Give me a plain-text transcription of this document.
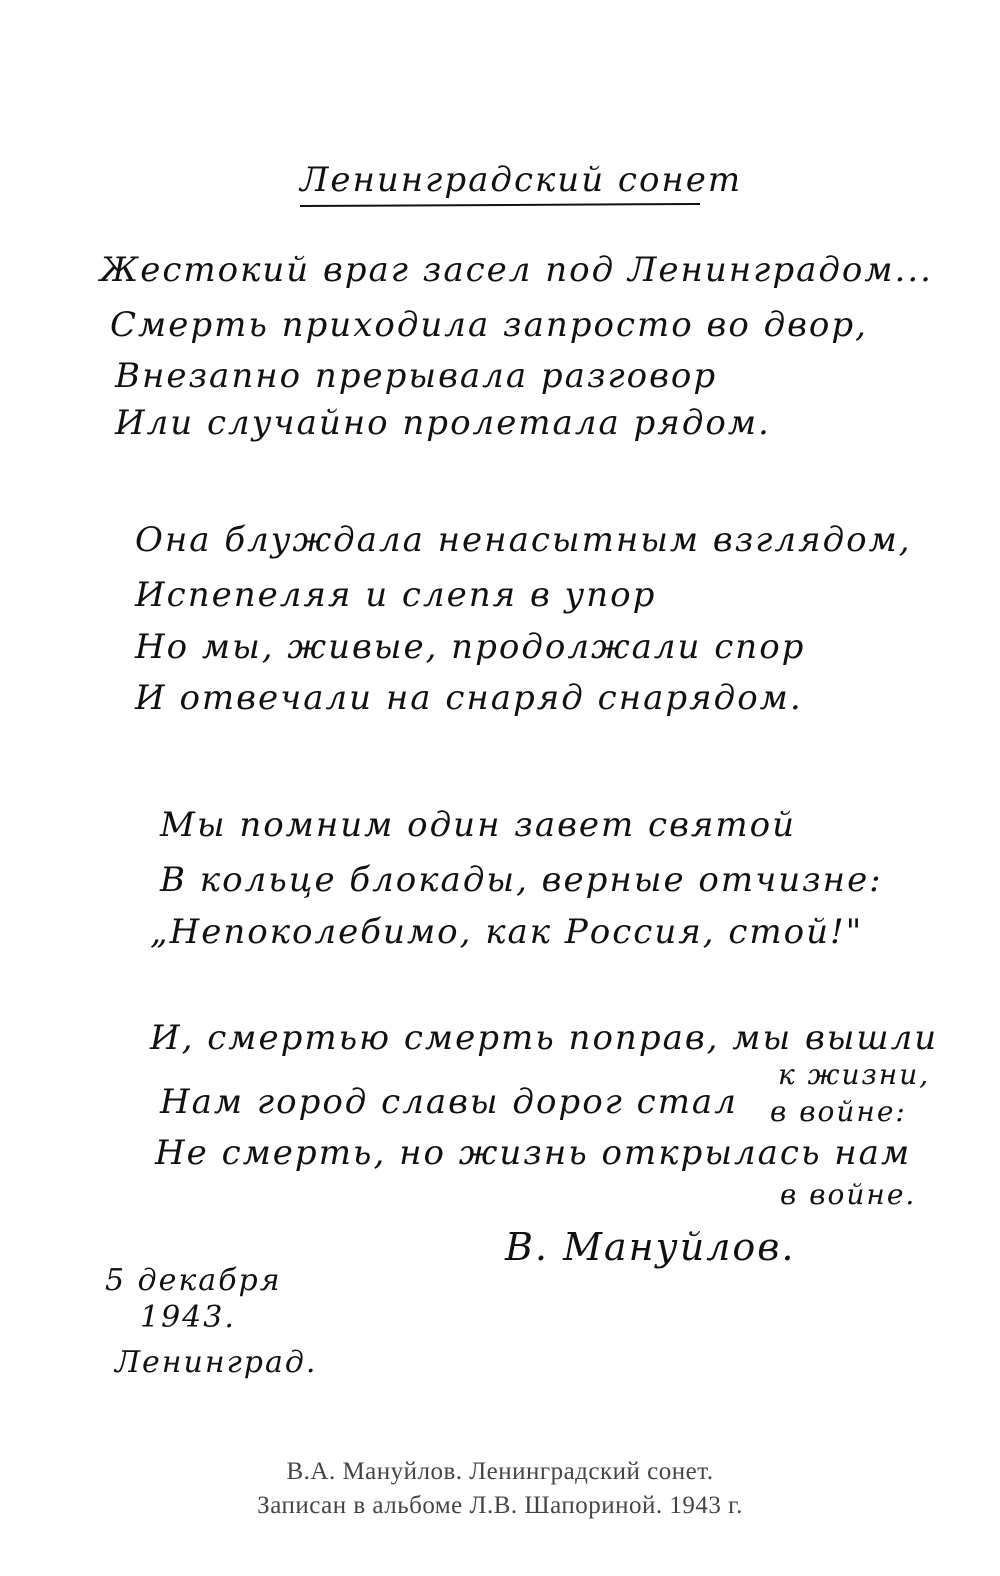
Ленинградский сонет
Жестокий враг засел под Ленинградом...
Смерть приходила запросто во двор,
Внезапно прерывала разговор
Или случайно пролетала рядом.
Она блуждала ненасытным взглядом,
Испепеляя и слепя в упор
Но мы, живые, продолжали спор
И отвечали на снаряд снарядом.
Мы помним один завет святой
В кольце блокады, верные отчизне:
„Непоколебимо, как Россия, стой!"
И, смертью смерть поправ, мы вышли
к жизни,
Нам город славы дорог стал в войне:
Не смерть, но жизнь открылась нам
в войне.
В. Мануйлов.
5 декабря
1943.
Ленинград.
В.А. Мануйлов. Ленинградский сонет.
Записан в альбоме Л.В. Шапориной. 1943 г.
